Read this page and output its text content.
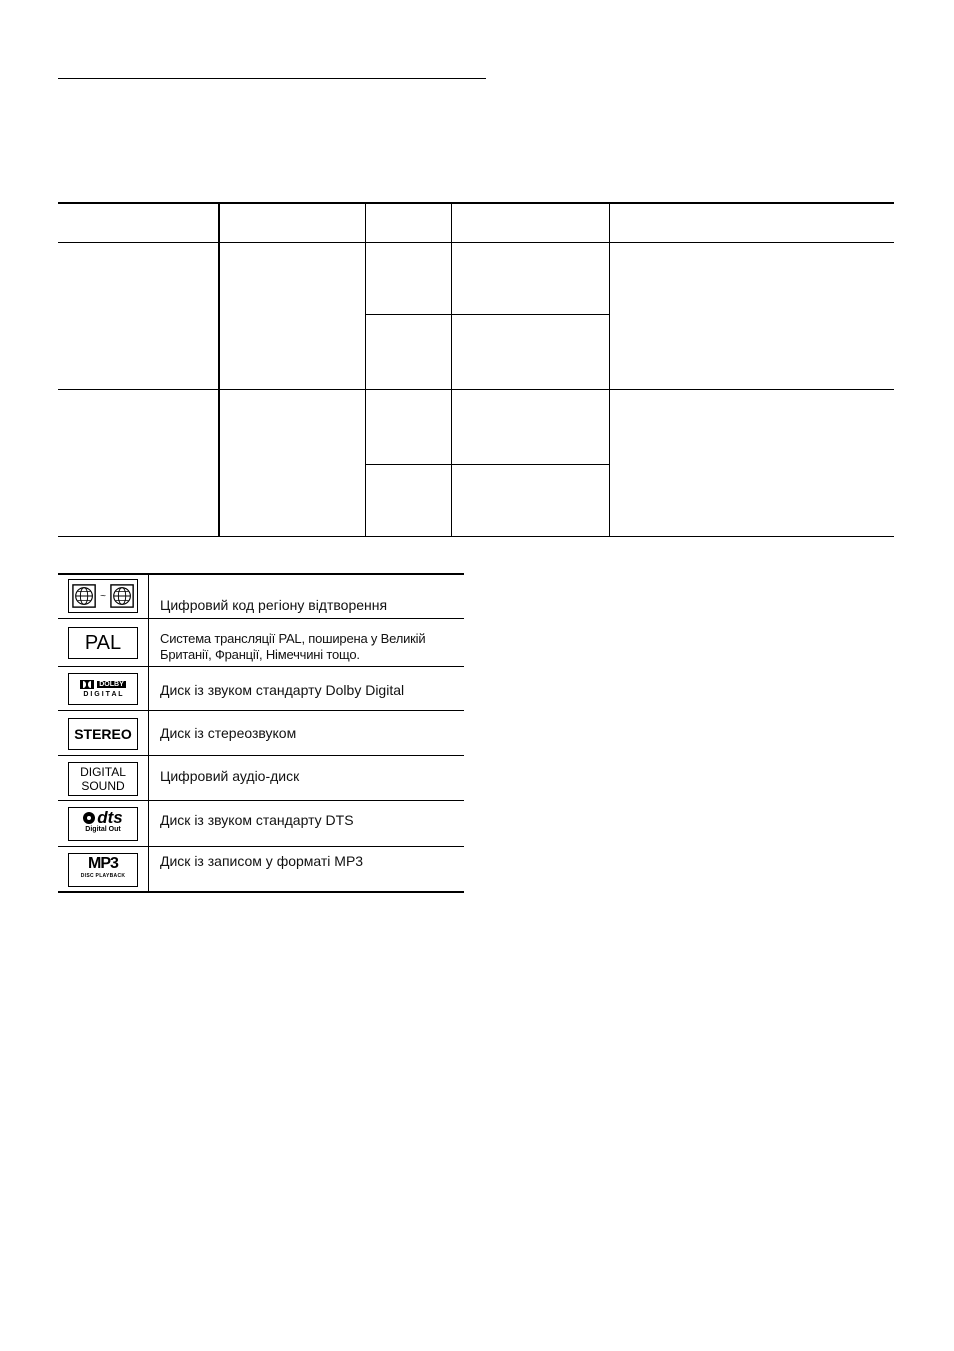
~
Цифровий код регіону відтворення
PAL	Система трансляції PAL, поширена у Великій Британії, Франції, Німеччині тощо.
DOLBY
D I G I T A L	Диск із звуком стандарту Dolby Digital
STEREO Диск із стереозвуком
DIGITAL
SOUND
Цифровий аудіо-диск
dts
Digital Out
Диск із звуком стандарту DTS
MP3
DISC PLAYBACK
Диск із записом у форматі MP3
